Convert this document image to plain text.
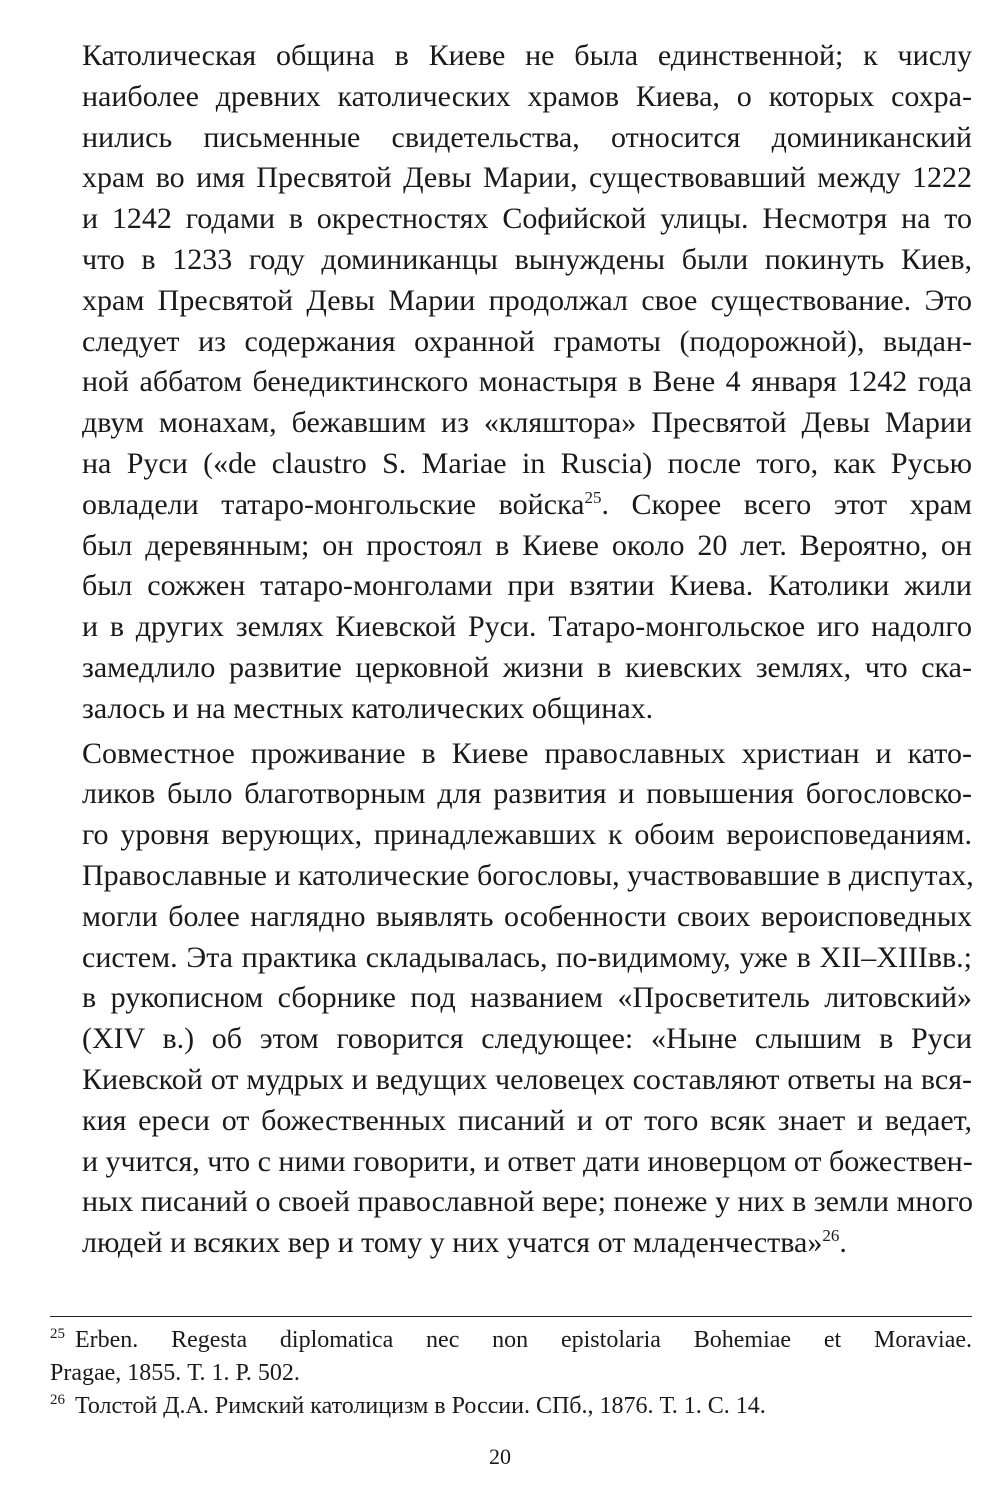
Католическая община в Киеве не была единственной; к числу
наиболее древних католических храмов Киева, о которых сохра-
нились письменные свидетельства, относится доминиканский
храм во имя Пресвятой Девы Марии, существовавший между 1222
и 1242 годами в окрестностях Софийской улицы. Несмотря на то
что в 1233 году доминиканцы вынуждены были покинуть Киев,
храм Пресвятой Девы Марии продолжал свое существование. Это
следует из содержания охранной грамоты (подорожной), выдан-
ной аббатом бенедиктинского монастыря в Вене 4 января 1242 года
двум монахам, бежавшим из «кляштора» Пресвятой Девы Марии
на Руси («de claustro S. Mariae in Ruscia) после того, как Русью
овладели татаро-монгольские войска$^{25}$. Скорее всего этот храм
был деревянным; он простоял в Киеве около 20 лет. Вероятно, он
был сожжен татаро-монголами при взятии Киева. Католики жили
и в других землях Киевской Руси. Татаро-монгольское иго надолго
замедлило развитие церковной жизни в киевских землях, что ска-
залось и на местных католических общинах.

Совместное проживание в Киеве православных христиан и като-
ликов было благотворным для развития и повышения богословско-
го уровня верующих, принадлежавших к обоим вероисповеданиям.
Православные и католические богословы, участвовавшие в диспутах,
могли более наглядно выявлять особенности своих вероисповедных
систем. Эта практика складывалась, по-видимому, уже в XII–XIIIвв.;
в рукописном сборнике под названием «Просветитель литовский»
(XIV в.) об этом говорится следующее: «Ныне слышим в Руси
Киевской от мудрых и ведущих человецех составляют ответы на вся-
кия ереси от божественных писаний и от того всяк знает и ведает,
и учится, что с ними говорити, и ответ дати иноверцом от божествен-
ных писаний о своей православной вере; понеже у них в земли много
людей и всяких вер и тому у них учатся от младенчества»$^{26}$.

$^{25}$ Erben. Regesta diplomatica nec non epistolaria Bohemiae et Moraviae.
Pragae, 1855. Т. 1. Р. 502.
$^{26}$ Толстой Д.А. Римский католицизм в России. СПб., 1876. Т. 1. С. 14.
20
